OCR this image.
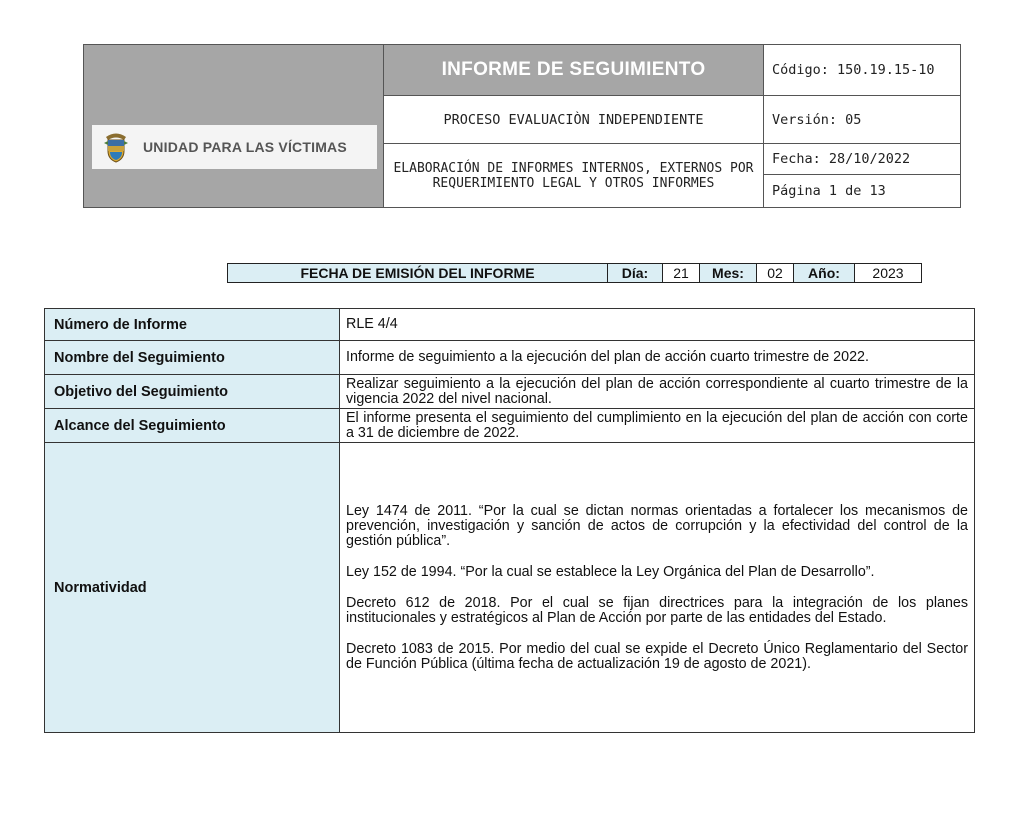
UNIDAD PARA LAS VÍCTIMAS
INFORME DE SEGUIMIENTO
PROCESO EVALUACIÒN INDEPENDIENTE
ELABORACIÓN DE INFORMES INTERNOS, EXTERNOS POR REQUERIMIENTO LEGAL Y OTROS INFORMES
Código: 150.19.15-10
Versión: 05
Fecha: 28/10/2022
Página 1 de 13
FECHA DE EMISIÓN DEL INFORME	Día:	21	Mes:	02	Año:	2023
Número de Informe	RLE 4/4
Nombre del Seguimiento	Informe de seguimiento a la ejecución del plan de acción cuarto trimestre de 2022.
Objetivo del Seguimiento	Realizar seguimiento a la ejecución del plan de acción correspondiente al cuarto trimestre de la vigencia 2022 del nivel nacional.
Alcance del Seguimiento	El informe presenta el seguimiento del cumplimiento en la ejecución del plan de acción con corte a 31 de diciembre de 2022.
Normatividad	Ley 1474 de 2011. “Por la cual se dictan normas orientadas a fortalecer los mecanismos de prevención, investigación y sanción de actos de corrupción y la efectividad del control de la gestión pública”.

Ley 152 de 1994. “Por la cual se establece la Ley Orgánica del Plan de Desarrollo”.

Decreto 612 de 2018. Por el cual se fijan directrices para la integración de los planes institucionales y estratégicos al Plan de Acción por parte de las entidades del Estado.

Decreto 1083 de 2015. Por medio del cual se expide el Decreto Único Reglamentario del Sector de Función Pública (última fecha de actualización 19 de agosto de 2021).
